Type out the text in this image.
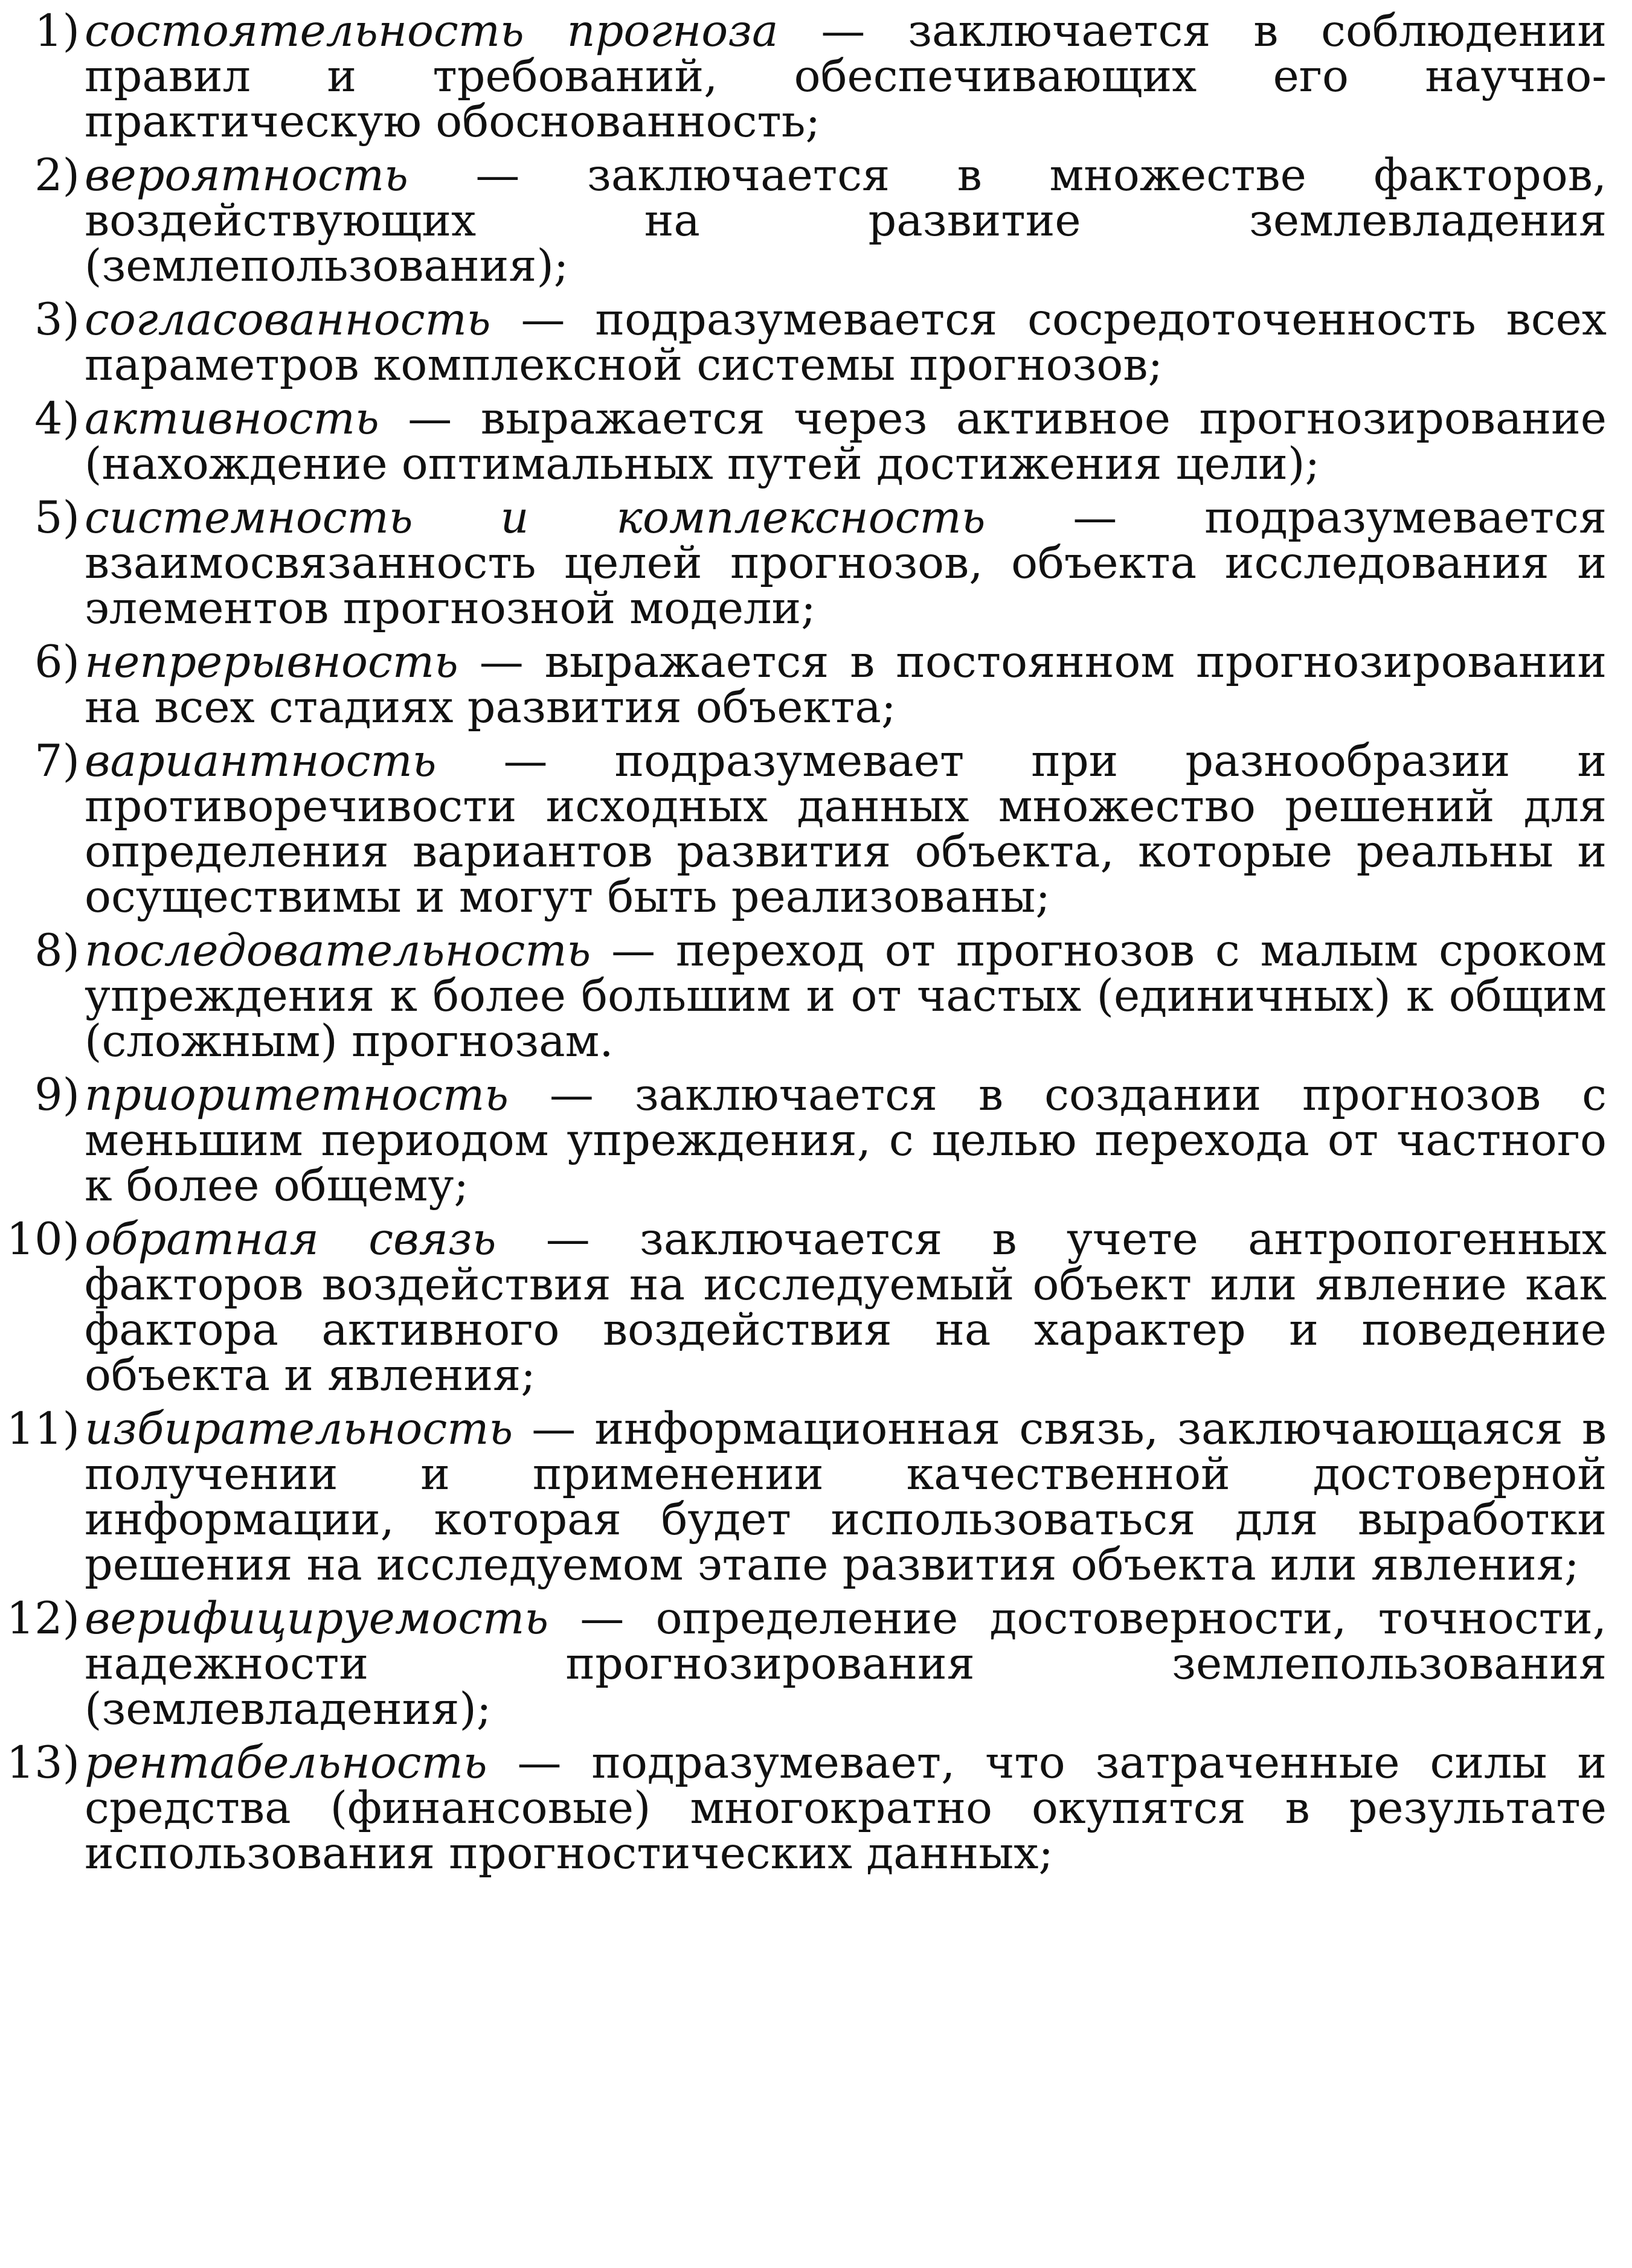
1) состоятельность прогноза — заключается в соблюдении правил и требований, обеспечивающих его научно-практическую обоснованность;
2) вероятность — заключается в множестве факторов, воздействующих на развитие землевладения (землепользования);
3) согласованность — подразумевается сосредоточенность всех параметров комплексной системы прогнозов;
4) активность — выражается через активное прогнозирование (нахождение оптимальных путей достижения цели);
5) системность и комплексность — подразумевается взаимосвязанность целей прогнозов, объекта исследования и элементов прогнозной модели;
6) непрерывность — выражается в постоянном прогнозировании на всех стадиях развития объекта;
7) вариантность — подразумевает при разнообразии и противоречивости исходных данных множество решений для определения вариантов развития объекта, которые реальны и осуществимы и могут быть реализованы;
8) последовательность — переход от прогнозов с малым сроком упреждения к более большим и от частых (единичных) к общим (сложным) прогнозам.
9) приоритетность — заключается в создании прогнозов с меньшим периодом упреждения, с целью перехода от частного к более общему;
10) обратная связь — заключается в учете антропогенных факторов воздействия на исследуемый объект или явление как фактора активного воздействия на характер и поведение объекта и явления;
11) избирательность — информационная связь, заключающаяся в получении и применении качественной достоверной информации, которая будет использоваться для выработки решения на исследуемом этапе развития объекта или явления;
12) верифицируемость — определение достоверности, точности, надежности прогнозирования землепользования (землевладения);
13) рентабельность — подразумевает, что затраченные силы и средства (финансовые) многократно окупятся в результате использования прогностических данных;
